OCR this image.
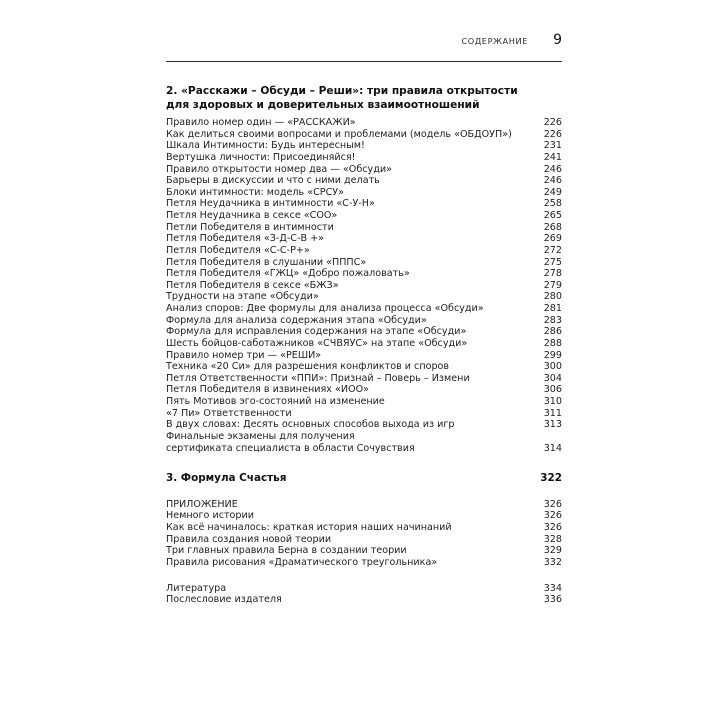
СОДЕРЖАНИЕ	9
2. «Расскажи – Обсуди – Реши»: три правила открытости
для здоровых и доверительных взаимоотношений
Правило номер один — «РАССКАЖИ»	226
Как делиться своими вопросами и проблемами (модель «ОБДОУП»)	226
Шкала Интимности: Будь интересным!	231
Вертушка личности: Присоединяйся!	241
Правило открытости номер два — «Обсуди»	246
Барьеры в дискуссии и что с ними делать	246
Блоки интимности: модель «СРСУ»	249
Петля Неудачника в интимности «С-У-Н»	258
Петля Неудачника в сексе «СОО»	265
Петли Победителя в интимности	268
Петля Победителя «З-Д-С-В +»	269
Петля Победителя «С-С-Р+»	272
Петля Победителя в слушании «ПППС»	275
Петля Победителя «ГЖЦ» «Добро пожаловать»	278
Петля Победителя в сексе «БЖЗ»	279
Трудности на этапе «Обсуди»	280
Анализ споров: Две формулы для анализа процесса «Обсуди»	281
Формула для анализа содержания этапа «Обсуди»	283
Формула для исправления содержания на этапе «Обсуди»	286
Шесть бойцов-саботажников «СЧВЯУС» на этапе «Обсуди»	288
Правило номер три — «РЕШИ»	299
Техника «20 Си» для разрешения конфликтов и споров	300
Петля Ответственности «ППИ»: Признай – Поверь – Измени	304
Петля Победителя в извинениях «ИОО»	306
Пять Мотивов эго-состояний на изменение	310
«7 Пи» Ответственности	311
В двух словах: Десять основных способов выхода из игр	313
Финальные экзамены для получения
сертификата специалиста в области Сочувствия	314
3. Формула Счастья	322
ПРИЛОЖЕНИЕ	326
Немного истории	326
Как всё начиналось: краткая история наших начинаний	326
Правила создания новой теории	328
Три главных правила Берна в создании теории	329
Правила рисования «Драматического треугольника»	332
Литература	334
Послесловие издателя	336
